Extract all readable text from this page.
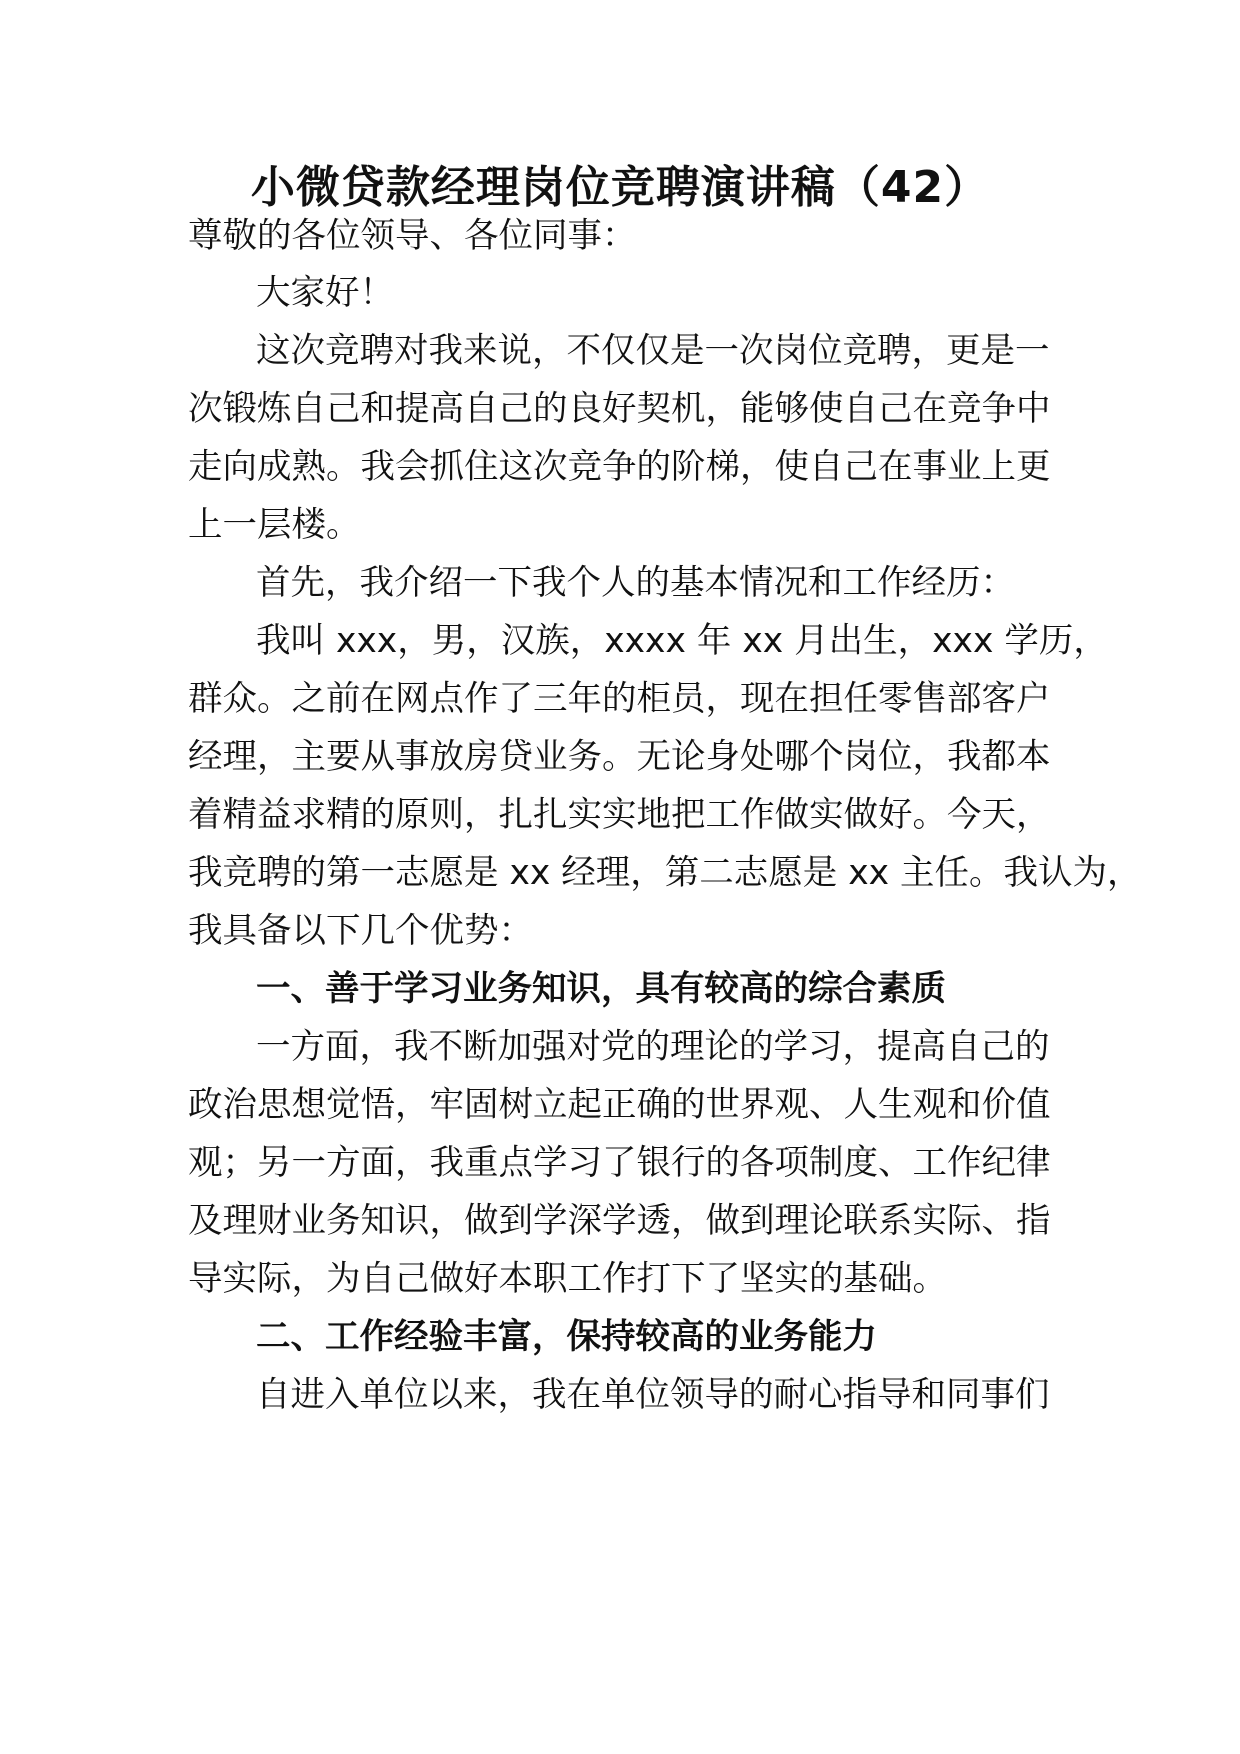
小微贷款经理岗位竞聘演讲稿（42）

尊敬的各位领导、各位同事：

大家好！

这次竞聘对我来说，不仅仅是一次岗位竞聘，更是一

次锻炼自己和提高自己的良好契机，能够使自己在竞争中

走向成熟。我会抓住这次竞争的阶梯，使自己在事业上更

上一层楼。

首先，我介绍一下我个人的基本情况和工作经历：

我叫 xxx，男，汉族，xxxx 年 xx 月出生，xxx 学历，

群众。之前在网点作了三年的柜员，现在担任零售部客户

经理，主要从事放房贷业务。无论身处哪个岗位，我都本

着精益求精的原则，扎扎实实地把工作做实做好。今天，

我竞聘的第一志愿是 xx 经理，第二志愿是 xx 主任。我认为，

我具备以下几个优势：

一、善于学习业务知识，具有较高的综合素质

一方面，我不断加强对党的理论的学习，提高自己的

政治思想觉悟，牢固树立起正确的世界观、人生观和价值

观；另一方面，我重点学习了银行的各项制度、工作纪律

及理财业务知识，做到学深学透，做到理论联系实际、指

导实际，为自己做好本职工作打下了坚实的基础。

二、工作经验丰富，保持较高的业务能力

自进入单位以来，我在单位领导的耐心指导和同事们
